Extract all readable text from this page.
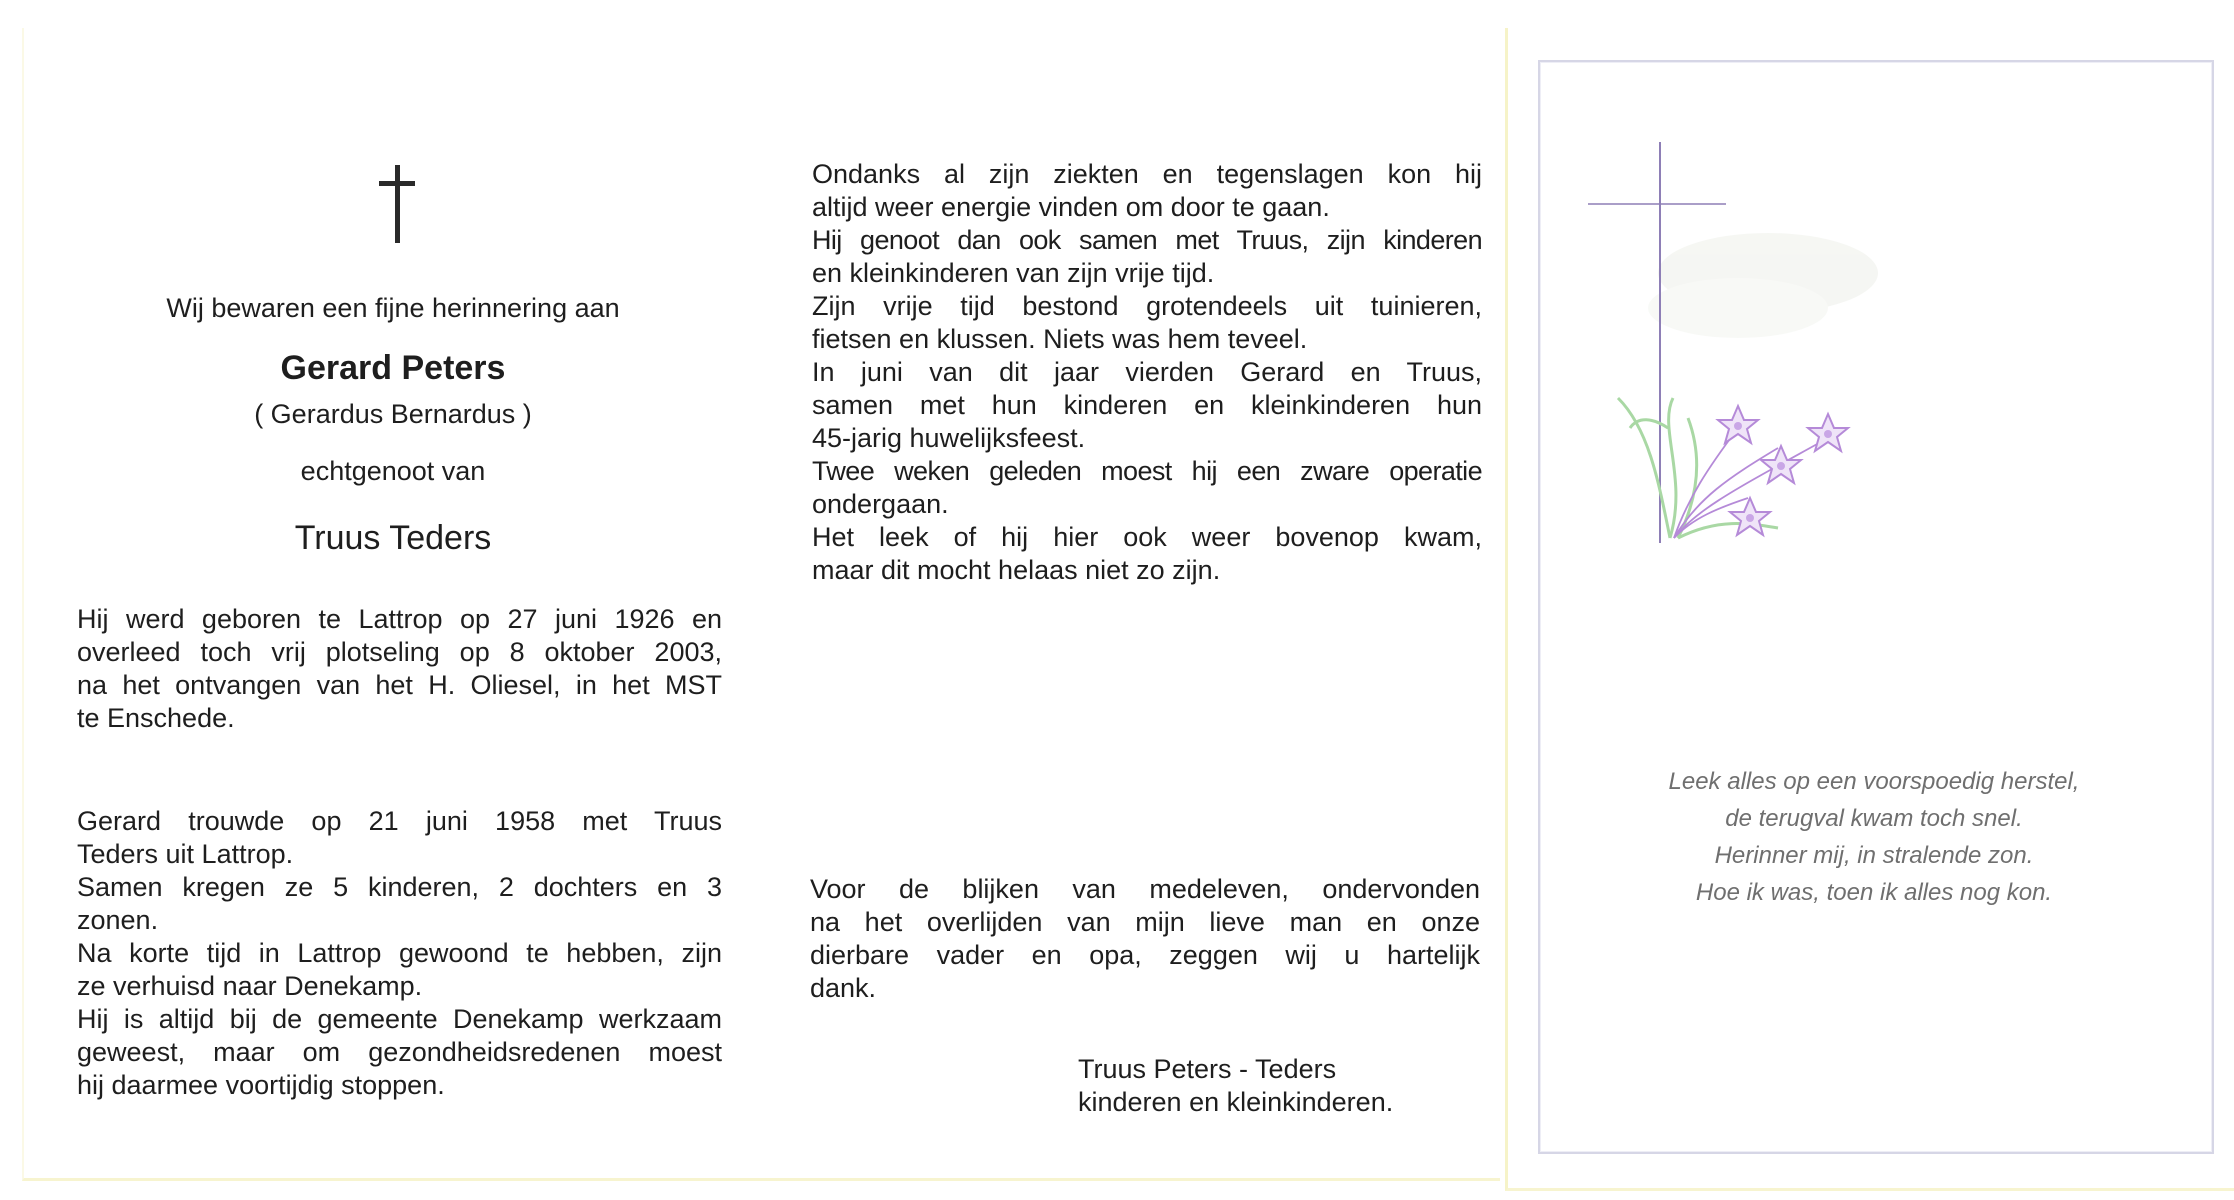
Wij bewaren een fijne herinnering aan
Gerard Peters
( Gerardus Bernardus )
echtgenoot van
Truus Teders
Hij werd geboren te Lattrop op 27 juni 1926 en
overleed toch vrij plotseling op 8 oktober 2003,
na het ontvangen van het H. Oliesel, in het MST
te Enschede.
Gerard trouwde op 21 juni 1958 met Truus
Teders uit Lattrop.
Samen kregen ze 5 kinderen, 2 dochters en 3
zonen.
Na korte tijd in Lattrop gewoond te hebben, zijn
ze verhuisd naar Denekamp.
Hij is altijd bij de gemeente Denekamp werkzaam
geweest, maar om gezondheidsredenen moest
hij daarmee voortijdig stoppen.
Ondanks al zijn ziekten en tegenslagen kon hij
altijd weer energie vinden om door te gaan.
Hij genoot dan ook samen met Truus, zijn kinderen
en kleinkinderen van zijn vrije tijd.
Zijn vrije tijd bestond grotendeels uit tuinieren,
fietsen en klussen. Niets was hem teveel.
In juni van dit jaar vierden Gerard en Truus,
samen met hun kinderen en kleinkinderen hun
45-jarig huwelijksfeest.
Twee weken geleden moest hij een zware operatie
ondergaan.
Het leek of hij hier ook weer bovenop kwam,
maar dit mocht helaas niet zo zijn.
Voor de blijken van medeleven, ondervonden
na het overlijden van mijn lieve man en onze
dierbare vader en opa, zeggen wij u hartelijk
dank.
Truus Peters - Teders
kinderen en kleinkinderen.
Leek alles op een voorspoedig herstel,
de terugval kwam toch snel.
Herinner mij, in stralende zon.
Hoe ik was, toen ik alles nog kon.
